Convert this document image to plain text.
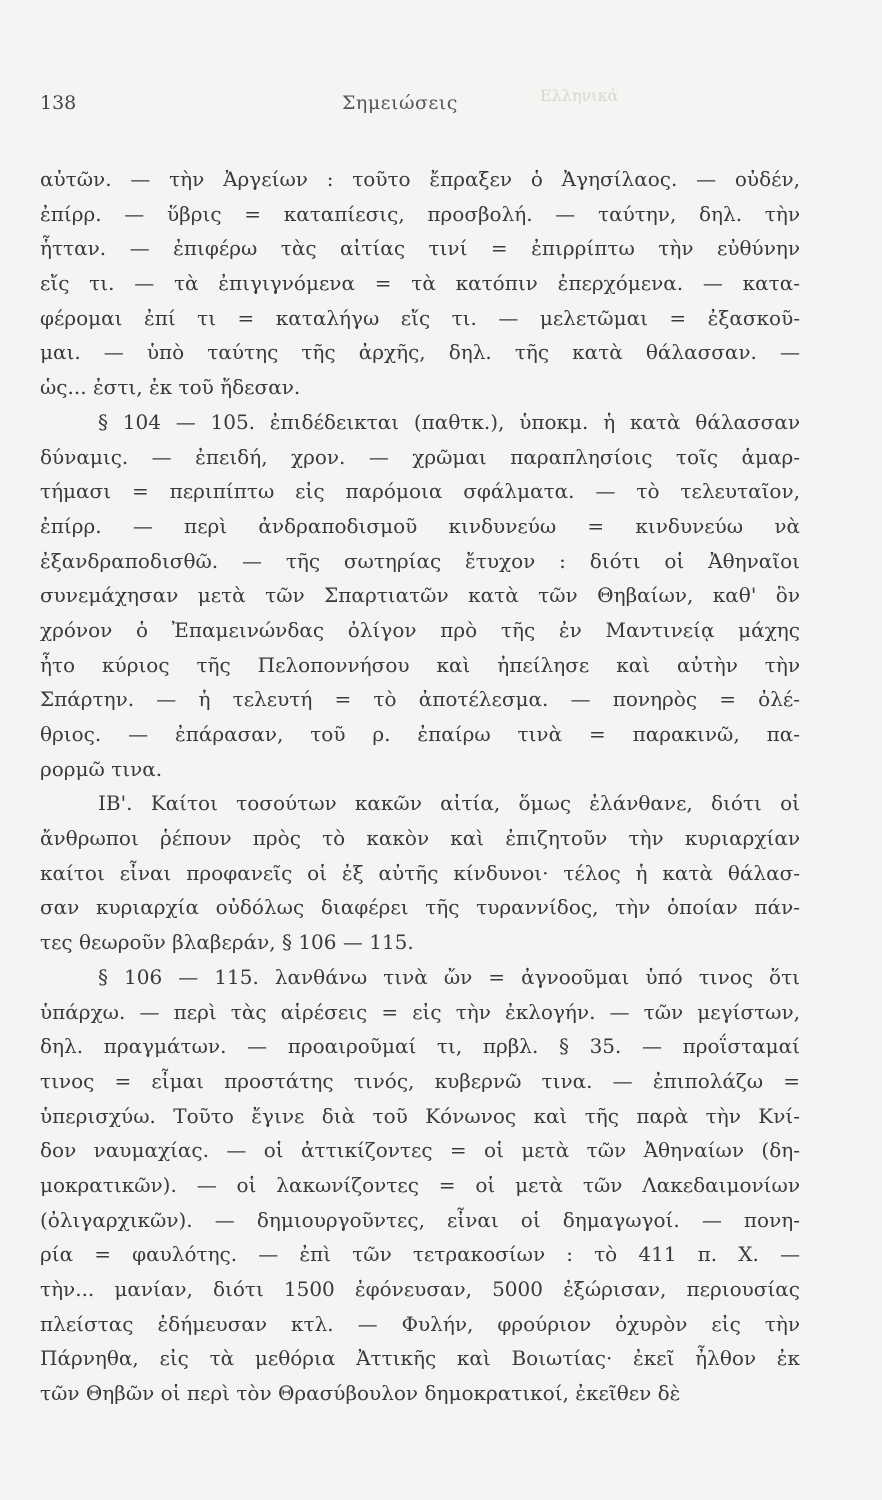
138	Σημειώσεις	Ελληνικά
αὐτῶν. — τὴν Ἀργείων : τοῦτο ἔπραξεν ὁ Ἀγησίλαος. — οὐδέν,
ἐπίρρ. — ὕβρις = καταπίεσις, προσβολή. — ταύτην, δηλ. τὴν
ἧτταν. — ἐπιφέρω τὰς αἰτίας τινί = ἐπιρρίπτω τὴν εὐθύνην
εἴς τι. — τὰ ἐπιγιγνόμενα = τὰ κατόπιν ἐπερχόμενα. — κατα-
φέρομαι ἐπί τι = καταλήγω εἴς τι. — μελετῶμαι = ἐξασκοῦ-
μαι. — ὑπὸ ταύτης τῆς ἀρχῆς, δηλ. τῆς κατὰ θάλασσαν. —
ὡς... ἐστι, ἐκ τοῦ ἤδεσαν.
§ 104 — 105. ἐπιδέδεικται (παθτκ.), ὑποκμ. ἡ κατὰ θάλασσαν
δύναμις. — ἐπειδή, χρον. — χρῶμαι παραπλησίοις τοῖς ἁμαρ-
τήμασι = περιπίπτω εἰς παρόμοια σφάλματα. — τὸ τελευταῖον,
ἐπίρρ. — περὶ ἀνδραποδισμοῦ κινδυνεύω = κινδυνεύω νὰ
ἐξανδραποδισθῶ. — τῆς σωτηρίας ἔτυχον : διότι οἱ Ἀθηναῖοι
συνεμάχησαν μετὰ τῶν Σπαρτιατῶν κατὰ τῶν Θηβαίων, καθ' ὃν
χρόνον ὁ Ἐπαμεινώνδας ὀλίγον πρὸ τῆς ἐν Μαντινείᾳ μάχης
ἦτο κύριος τῆς Πελοποννήσου καὶ ἠπείλησε καὶ αὐτὴν τὴν
Σπάρτην. — ἡ τελευτή = τὸ ἀποτέλεσμα. — πονηρὸς = ὀλέ-
θριος. — ἐπάρασαν, τοῦ ρ. ἐπαίρω τινὰ = παρακινῶ, πα-
ρορμῶ τινα.
ΙΒ'. Καίτοι τοσούτων κακῶν αἰτία, ὅμως ἐλάνθανε, διότι οἱ
ἄνθρωποι ῥέπουν πρὸς τὸ κακὸν καὶ ἐπιζητοῦν τὴν κυριαρχίαν
καίτοι εἶναι προφανεῖς οἱ ἐξ αὐτῆς κίνδυνοι· τέλος ἡ κατὰ θάλασ-
σαν κυριαρχία οὐδόλως διαφέρει τῆς τυραννίδος, τὴν ὁποίαν πάν-
τες θεωροῦν βλαβεράν, § 106 — 115.
§ 106 — 115. λανθάνω τινὰ ὤν = ἀγνοοῦμαι ὑπό τινος ὅτι
ὑπάρχω. — περὶ τὰς αἱρέσεις = εἰς τὴν ἐκλογήν. — τῶν μεγίστων,
δηλ. πραγμάτων. — προαιροῦμαί τι, πρβλ. § 35. — προΐσταμαί
τινος = εἶμαι προστάτης τινός, κυβερνῶ τινα. — ἐπιπολάζω =
ὑπερισχύω. Τοῦτο ἔγινε διὰ τοῦ Κόνωνος καὶ τῆς παρὰ τὴν Κνί-
δον ναυμαχίας. — οἱ ἀττικίζοντες = οἱ μετὰ τῶν Ἀθηναίων (δη-
μοκρατικῶν). — οἱ λακωνίζοντες = οἱ μετὰ τῶν Λακεδαιμονίων
(ὀλιγαρχικῶν). — δημιουργοῦντες, εἶναι οἱ δημαγωγοί. — πονη-
ρία = φαυλότης. — ἐπὶ τῶν τετρακοσίων : τὸ 411 π. Χ. —
τὴν... μανίαν, διότι 1500 ἐφόνευσαν, 5000 ἐξώρισαν, περιουσίας
πλείστας ἐδήμευσαν κτλ. — Φυλήν, φρούριον ὀχυρὸν εἰς τὴν
Πάρνηθα, εἰς τὰ μεθόρια Ἀττικῆς καὶ Βοιωτίας· ἐκεῖ ἦλθον ἐκ
τῶν Θηβῶν οἱ περὶ τὸν Θρασύβουλον δημοκρατικοί, ἐκεῖθεν δὲ
